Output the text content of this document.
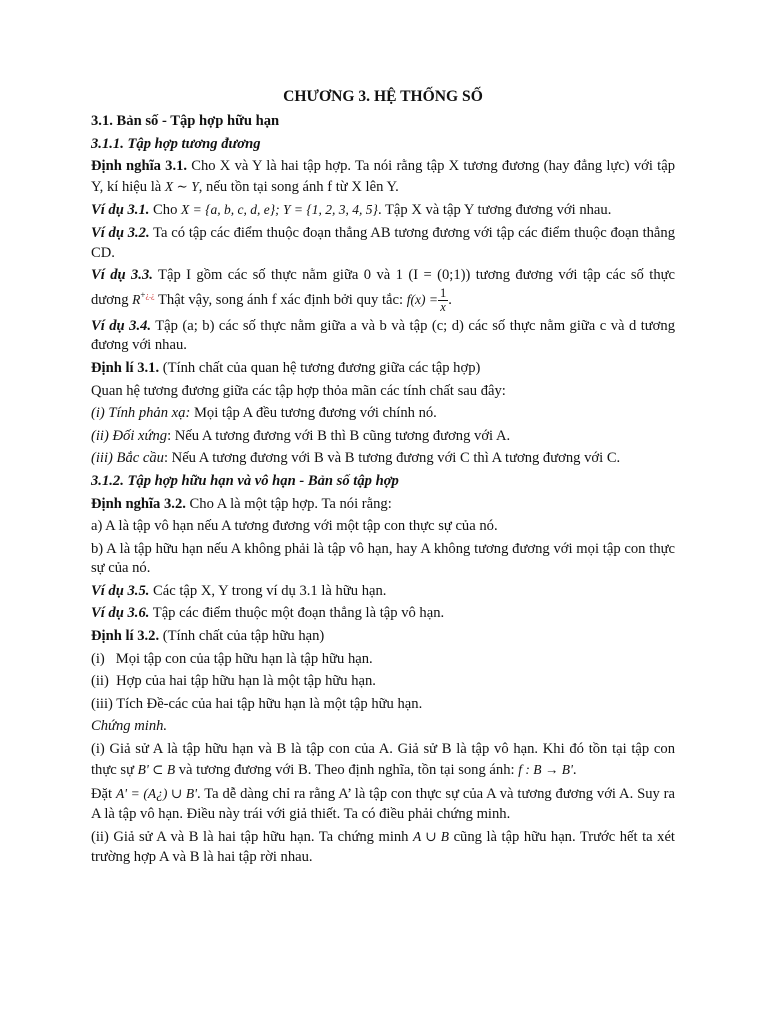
CHƯƠNG 3. HỆ THỐNG SỐ
3.1. Bản số - Tập hợp hữu hạn
3.1.1. Tập hợp tương đương
Định nghĩa 3.1. Cho X và Y là hai tập hợp. Ta nói rằng tập X tương đương (hay đẳng lực) với tập Y, kí hiệu là X ∼ Y, nếu tồn tại song ánh f từ X lên Y.
Ví dụ 3.1. Cho X = {a, b, c, d, e}; Y = {1, 2, 3, 4, 5}. Tập X và tập Y tương đương với nhau.
Ví dụ 3.2. Ta có tập các điểm thuộc đoạn thẳng AB tương đương với tập các điểm thuộc đoạn thẳng CD.
Ví dụ 3.3. Tập I gồm các số thực nằm giữa 0 và 1 (I = (0;1)) tương đương với tập các số thực dương R+¿.¿ Thật vậy, song ánh f xác định bởi quy tắc: $f(x) = \frac{1}{x}$ .
Ví dụ 3.4. Tập (a; b) các số thực nằm giữa a và b và tập (c; d) các số thực nằm giữa c và d tương đương với nhau.
Định lí 3.1. (Tính chất của quan hệ tương đương giữa các tập hợp)
Quan hệ tương đương giữa các tập hợp thỏa mãn các tính chất sau đây:
(i) Tính phản xạ: Mọi tập A đều tương đương với chính nó.
(ii) Đối xứng: Nếu A tương đương với B thì B cũng tương đương với A.
(iii) Bắc cầu: Nếu A tương đương với B và B tương đương với C thì A tương đương với C.
3.1.2. Tập hợp hữu hạn và vô hạn - Bản số tập hợp
Định nghĩa 3.2. Cho A là một tập hợp. Ta nói rằng:
a) A là tập vô hạn nếu A tương đương với một tập con thực sự của nó.
b) A là tập hữu hạn nếu A không phải là tập vô hạn, hay A không tương đương với mọi tập con thực sự của nó.
Ví dụ 3.5. Các tập X, Y trong ví dụ 3.1 là hữu hạn.
Ví dụ 3.6. Tập các điểm thuộc một đoạn thẳng là tập vô hạn.
Định lí 3.2. (Tính chất của tập hữu hạn)
(i)   Mọi tập con của tập hữu hạn là tập hữu hạn.
(ii)  Hợp của hai tập hữu hạn là một tập hữu hạn.
(iii) Tích Đề-các của hai tập hữu hạn là một tập hữu hạn.
Chứng minh.
(i) Giả sử A là tập hữu hạn và B là tập con của A. Giả sử B là tập vô hạn. Khi đó tồn tại tập con thực sự B' ⊂ B và tương đương với B. Theo định nghĩa, tồn tại song ánh: f : B → B'.
Đặt A' = (A¿) ∪ B'. Ta dễ dàng chỉ ra rằng A’ là tập con thực sự của A và tương đương với A. Suy ra A là tập vô hạn. Điều này trái với giả thiết. Ta có điều phải chứng minh.
(ii) Giả sử A và B là hai tập hữu hạn. Ta chứng minh A ∪ B cũng là tập hữu hạn. Trước hết ta xét trường hợp A và B là hai tập rời nhau.
